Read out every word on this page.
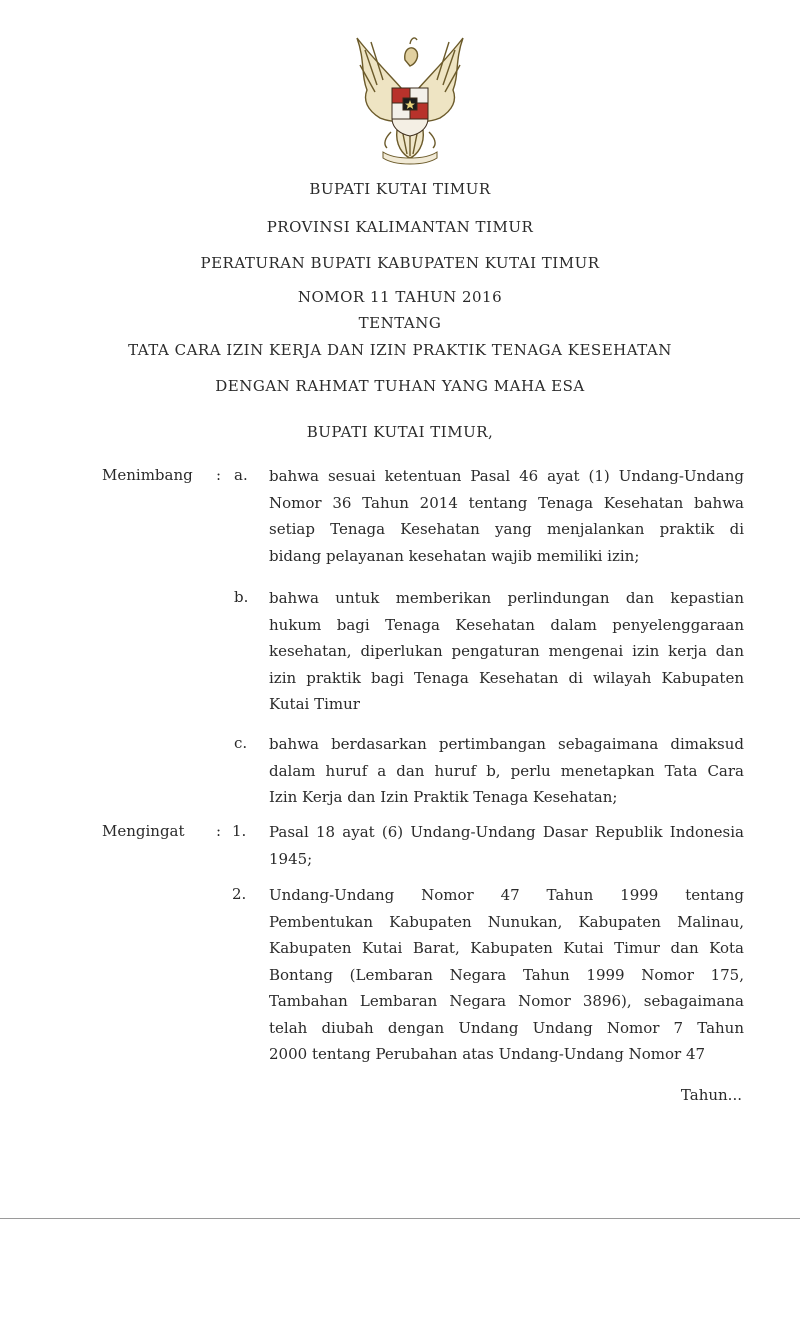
BUPATI KUTAI TIMUR
PROVINSI KALIMANTAN TIMUR
PERATURAN BUPATI KABUPATEN KUTAI TIMUR
NOMOR 11 TAHUN 2016
TENTANG
TATA CARA IZIN KERJA DAN IZIN PRAKTIK TENAGA KESEHATAN
DENGAN RAHMAT TUHAN YANG MAHA ESA
BUPATI KUTAI TIMUR,
Menimbang : a. bahwa sesuai ketentuan Pasal 46 ayat (1) Undang-Undang
Nomor 36 Tahun 2014 tentang Tenaga Kesehatan bahwa
setiap Tenaga Kesehatan yang menjalankan praktik di
bidang pelayanan kesehatan wajib memiliki izin;
b. bahwa untuk memberikan perlindungan dan kepastian
hukum bagi Tenaga Kesehatan dalam penyelenggaraan
kesehatan, diperlukan pengaturan mengenai izin kerja dan
izin praktik bagi Tenaga Kesehatan di wilayah Kabupaten
Kutai Timur
c. bahwa berdasarkan pertimbangan sebagaimana dimaksud
dalam huruf a dan huruf b, perlu menetapkan Tata Cara
Izin Kerja dan Izin Praktik Tenaga Kesehatan;
Mengingat : 1. Pasal 18 ayat (6) Undang-Undang Dasar Republik Indonesia
1945;
2. Undang-Undang Nomor 47 Tahun 1999 tentang
Pembentukan Kabupaten Nunukan, Kabupaten Malinau,
Kabupaten Kutai Barat, Kabupaten Kutai Timur dan Kota
Bontang (Lembaran Negara Tahun 1999 Nomor 175,
Tambahan Lembaran Negara Nomor 3896), sebagaimana
telah diubah dengan Undang Undang Nomor 7 Tahun
2000 tentang Perubahan atas Undang-Undang Nomor 47
Tahun...
